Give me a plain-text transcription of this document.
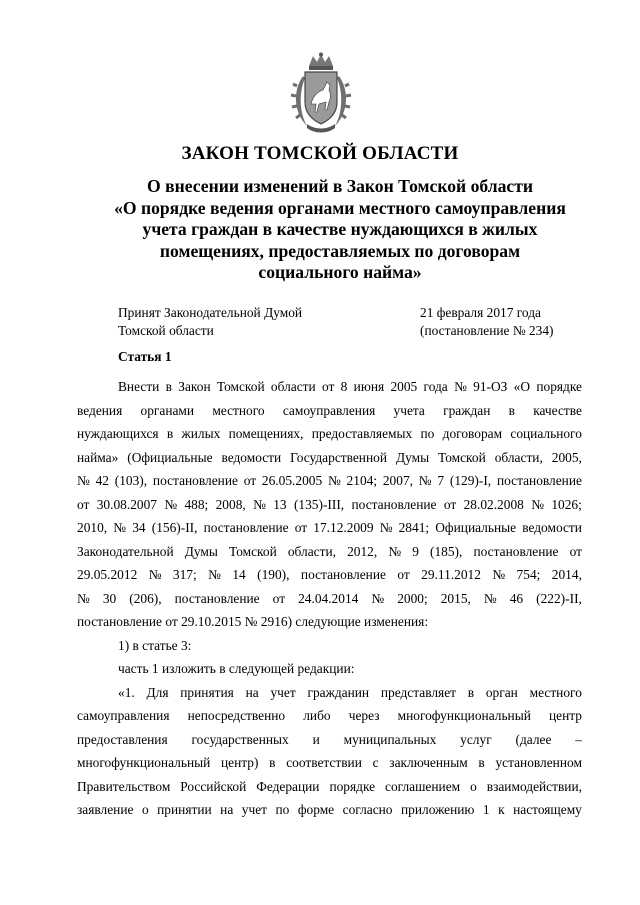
ЗАКОН ТОМСКОЙ ОБЛАСТИ
О внесении изменений в Закон Томской области
«О порядке ведения органами местного самоуправления
учета граждан в качестве нуждающихся в жилых
помещениях, предоставляемых по договорам
социального найма»
Принят Законодательной Думой
Томской области
21 февраля 2017 года
(постановление № 234)
Статья 1
Внести в Закон Томской области от 8 июня 2005 года № 91-ОЗ «О порядке
ведения органами местного самоуправления учета граждан в качестве
нуждающихся в жилых помещениях, предоставляемых по договорам социального
найма» (Официальные ведомости Государственной Думы Томской области, 2005,
№ 42 (103), постановление от 26.05.2005 № 2104; 2007, № 7 (129)-I, постановление
от 30.08.2007 № 488; 2008, № 13 (135)-III, постановление от 28.02.2008 № 1026;
2010, № 34 (156)-II, постановление от 17.12.2009 № 2841; Официальные ведомости
Законодательной Думы Томской области, 2012, № 9 (185), постановление от
29.05.2012 № 317; № 14 (190), постановление от 29.11.2012 № 754; 2014,
№ 30 (206), постановление от 24.04.2014 № 2000; 2015, № 46 (222)-II,
постановление от 29.10.2015 № 2916) следующие изменения:
1) в статье 3:
часть 1 изложить в следующей редакции:
«1. Для принятия на учет гражданин представляет в орган местного
самоуправления непосредственно либо через многофункциональный центр
предоставления государственных и муниципальных услуг (далее –
многофункциональный центр) в соответствии с заключенным в установленном
Правительством Российской Федерации порядке соглашением о взаимодействии,
заявление о принятии на учет по форме согласно приложению 1 к настоящему
